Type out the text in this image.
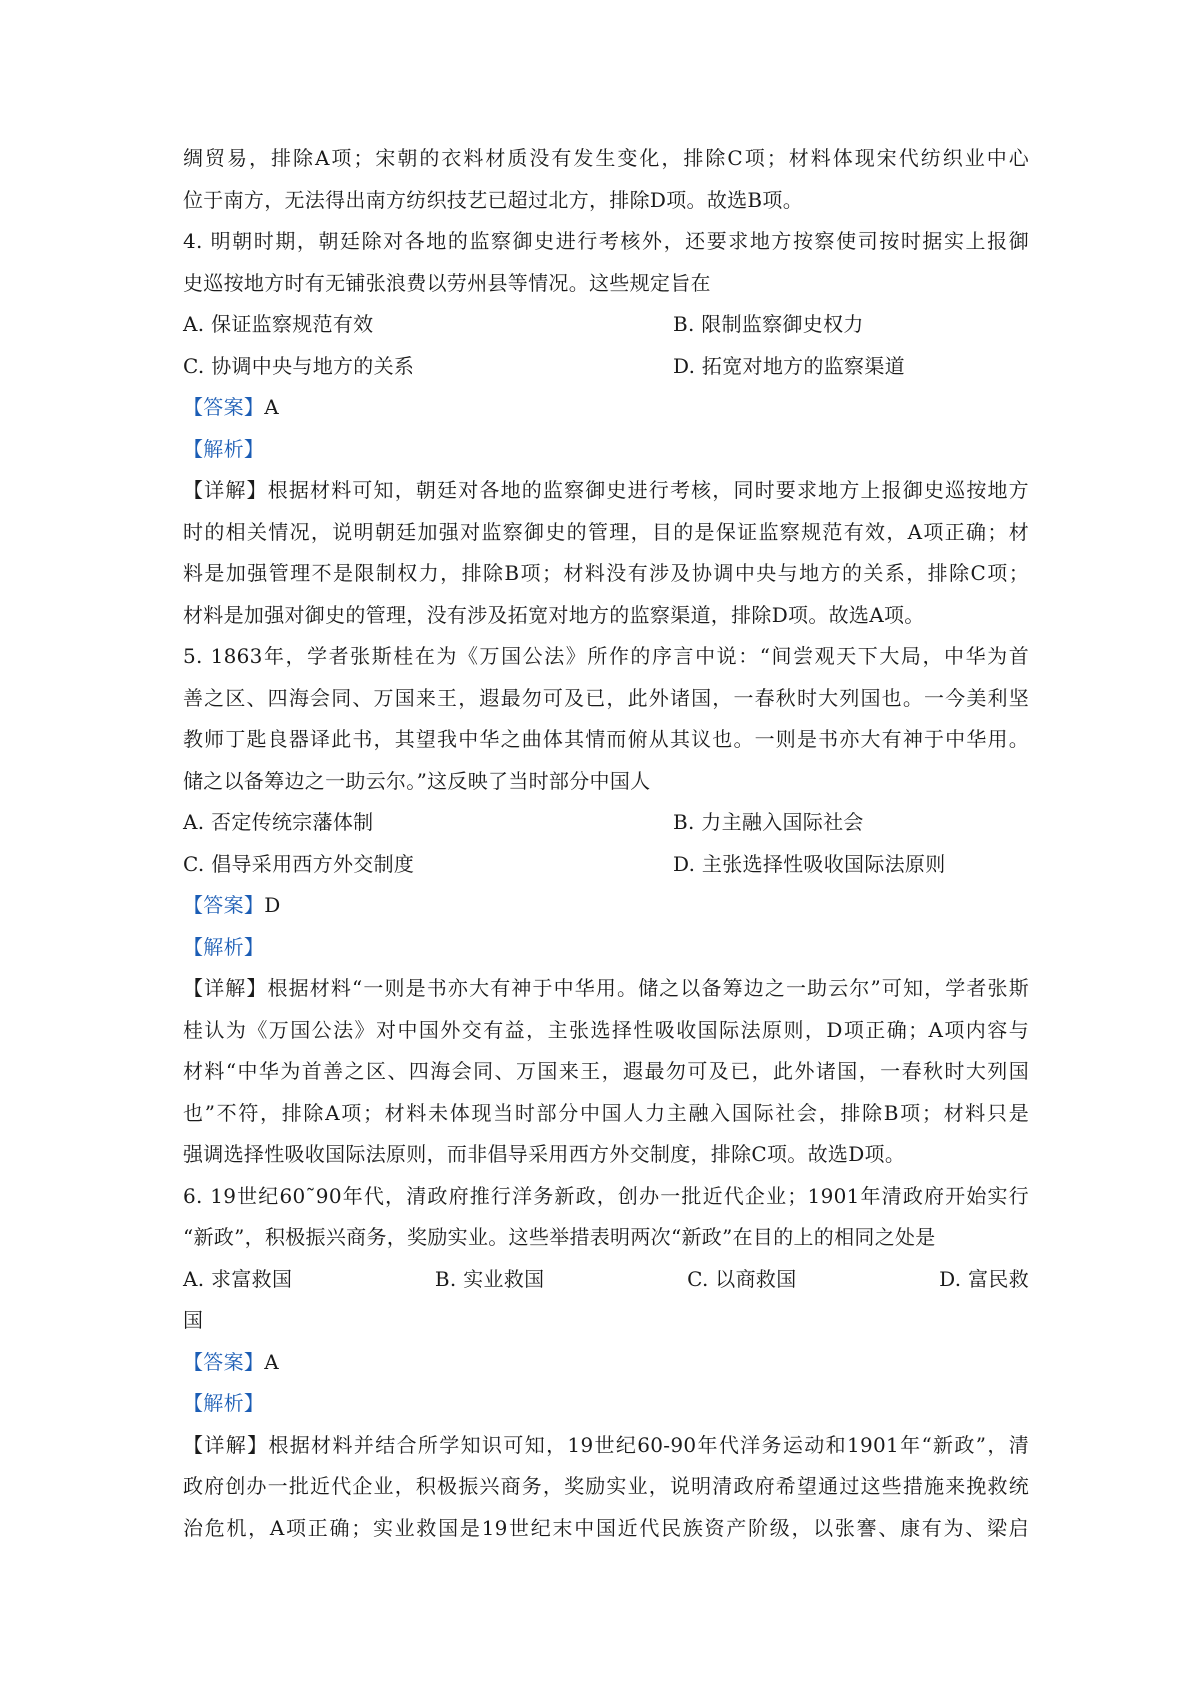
绸贸易，排除A项；宋朝的衣料材质没有发生变化，排除C项；材料体现宋代纺织业中心
位于南方，无法得出南方纺织技艺已超过北方，排除D项。故选B项。
4. 明朝时期，朝廷除对各地的监察御史进行考核外，还要求地方按察使司按时据实上报御
史巡按地方时有无铺张浪费以劳州县等情况。这些规定旨在
A. 保证监察规范有效	B. 限制监察御史权力
C. 协调中央与地方的关系	D. 拓宽对地方的监察渠道
【答案】A
【解析】
【详解】根据材料可知，朝廷对各地的监察御史进行考核，同时要求地方上报御史巡按地方
时的相关情况，说明朝廷加强对监察御史的管理，目的是保证监察规范有效，A项正确；材
料是加强管理不是限制权力，排除B项；材料没有涉及协调中央与地方的关系，排除C项；
材料是加强对御史的管理，没有涉及拓宽对地方的监察渠道，排除D项。故选A项。
5. 1863年，学者张斯桂在为《万国公法》所作的序言中说：“间尝观天下大局，中华为首
善之区、四海会同、万国来王，遐最勿可及已，此外诸国，一春秋时大列国也。一今美利坚
教师丁匙良器译此书，其望我中华之曲体其情而俯从其议也。一则是书亦大有神于中华用。
储之以备筹边之一助云尔。”这反映了当时部分中国人
A. 否定传统宗藩体制	B. 力主融入国际社会
C. 倡导采用西方外交制度	D. 主张选择性吸收国际法原则
【答案】D
【解析】
【详解】根据材料“一则是书亦大有神于中华用。储之以备筹边之一助云尔”可知，学者张斯
桂认为《万国公法》对中国外交有益，主张选择性吸收国际法原则，D项正确；A项内容与
材料“中华为首善之区、四海会同、万国来王，遐最勿可及已，此外诸国，一春秋时大列国
也”不符，排除A项；材料未体现当时部分中国人力主融入国际社会，排除B项；材料只是
强调选择性吸收国际法原则，而非倡导采用西方外交制度，排除C项。故选D项。
6. 19世纪60˜90年代，清政府推行洋务新政，创办一批近代企业；1901年清政府开始实行
“新政”，积极振兴商务，奖励实业。这些举措表明两次“新政”在目的上的相同之处是
A. 求富救国	B. 实业救国	C. 以商救国	D. 富民救
国
【答案】A
【解析】
【详解】根据材料并结合所学知识可知，19世纪60-90年代洋务运动和1901年“新政”，清
政府创办一批近代企业，积极振兴商务，奖励实业，说明清政府希望通过这些措施来挽救统
治危机，A项正确；实业救国是19世纪末中国近代民族资产阶级，以张謇、康有为、梁启
